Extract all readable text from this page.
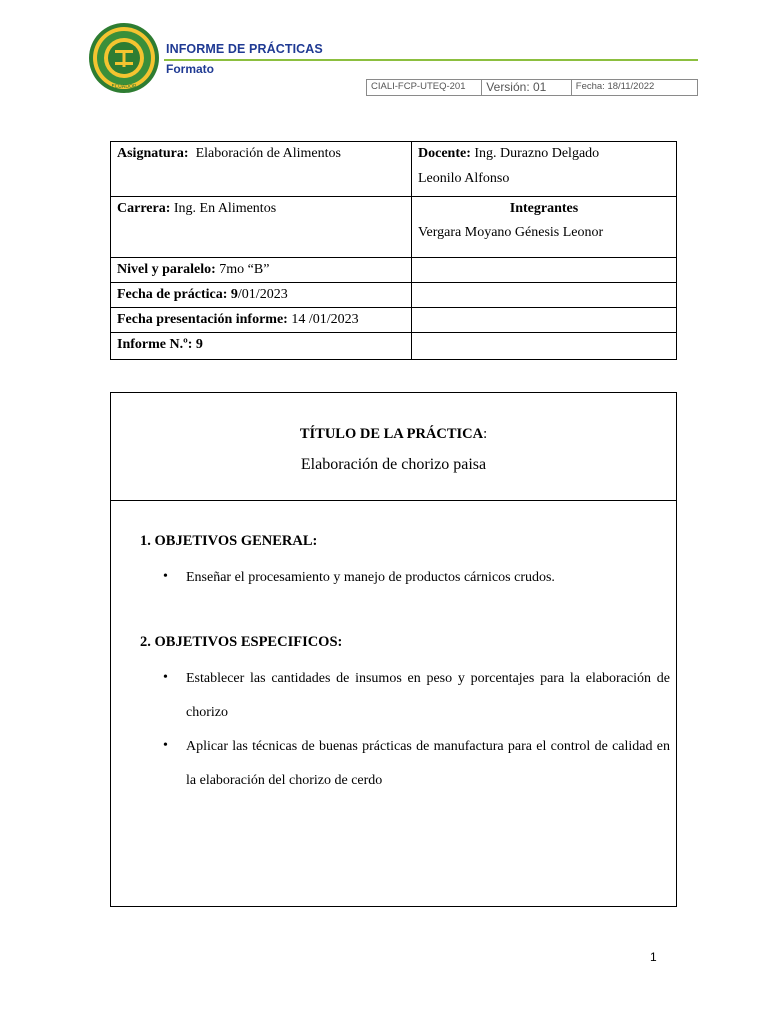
ECUADOR
INFORME DE PRÁCTICAS
Formato
CIALI-FCP-UTEQ-201	Versión: 01	Fecha: 18/11/2022
Asignatura: Elaboración de Alimentos	Docente: Ing. Durazno Delgado
Leonilo Alfonso
Carrera: Ing. En Alimentos	Integrantes
Vergara Moyano Génesis Leonor

Nivel y paralelo: 7mo “B”	
Fecha de práctica: 9/01/2023	
Fecha presentación informe: 14 /01/2023	
Informe N.º: 9	
TÍTULO DE LA PRÁCTICA:
Elaboración de chorizo paisa
1. OBJETIVOS GENERAL:
• Enseñar el procesamiento y manejo de productos cárnicos crudos.
2. OBJETIVOS ESPECIFICOS:
• Establecer las cantidades de insumos en peso y porcentajes para la elaboración de chorizo
• Aplicar las técnicas de buenas prácticas de manufactura para el control de calidad en la elaboración del chorizo de cerdo
1
